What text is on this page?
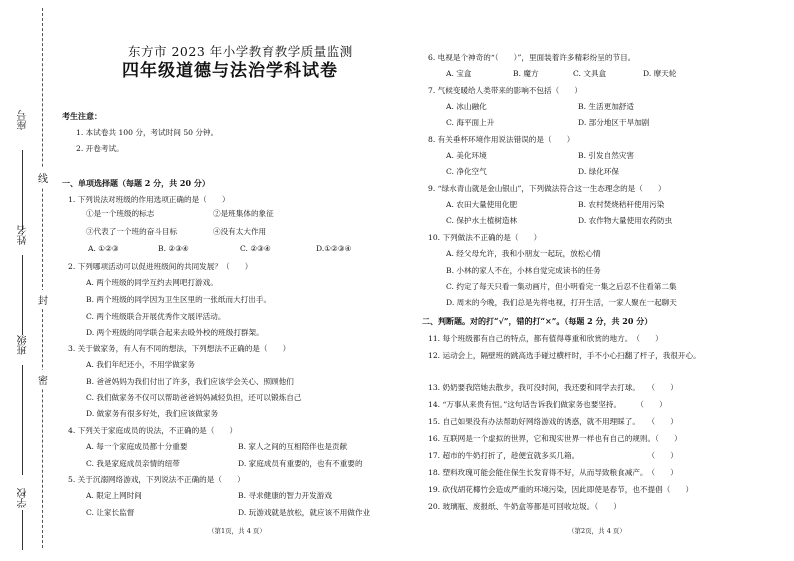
座号
姓名
班级
学校
线
封
密
东方市 2023 年小学教育教学质量监测
四年级道德与法治学科试卷
考生注意：
1. 本试卷共 100 分，考试时间 50 分钟。
2. 开卷考试。
一、单项选择题（每题 2 分，共 20 分）
1. 下列说法对班级的作用选项正确的是（　　）
①是一个班级的标志	②是班集体的象征
③代表了一个班的奋斗目标	④没有太大作用
A. ①②③	B. ②③④	C. ②③④	D.①②③④
2. 下列哪项活动可以促进班级间的共同发展？（　　）
A. 两个班级的同学互约去网吧打游戏。
B. 两个班级的同学因为卫生区里的一张纸而大打出手。
C. 两个班级联合开展优秀作文展评活动。
D. 两个班级的同学联合起来去殴外校的班级打群架。
3. 关于做家务，有人有不同的想法，下列想法不正确的是（　　）
A. 我们年纪还小，不用学做家务
B. 爸爸妈妈为我们付出了许多，我们应该学会关心、照顾他们
C. 我们做家务不仅可以帮助爸爸妈妈减轻负担，还可以锻炼自己
D. 做家务有很多好处，我们应该做家务
4. 下列关于家庭成员的说法，不正确的是（　　）
A. 每一个家庭成员都十分重要	B. 家人之间的互相陪伴也是贡献
C. 我是家庭成员亲情的纽带	D. 家庭成员有重要的，也有不重要的
5. 关于沉溺网络游戏，下列说法不正确的是（　　）
A. 限定上网时间	B. 寻求健康的智力开发游戏
C. 让家长监督	D. 玩游戏就是放松，就应该不用做作业
（第1页，共 4 页）
6. 电视是个神奇的“（　　）”，里面装着许多精彩纷呈的节目。
A. 宝盒	B. 魔方	C. 文具盒	D. 摩天轮
7. 气候变暖给人类带来的影响不包括（　　）
A. 冰山融化	B. 生活更加舒适
C. 海平面上升	D. 部分地区干旱加剧
8. 有关垂杯环境作用说法错误的是（　　）
A. 美化环境	B. 引发自然灾害
C. 净化空气	D. 绿化环保
9. “绿水青山就是金山银山”，下列做法符合这一生态理念的是（　　）
A. 农田大量使用化肥	B. 农村焚烧秸秆使用污染
C. 保护水土植树造林	D. 农作物大量使用农药防虫
10. 下列做法不正确的是（　　）
A. 经父母允许，我和小朋友一起玩，放松心情
B. 小林的家人不在，小林自觉完成读书的任务
C. 约定了每天只看一集动画片，但小明看完一集之后忍不住看第二集
D. 周末的今晚，我们总是先将电视，打开生活，一家人聚在一起聊天
二、判断题。对的打“√”，错的打“×”。（每题 2 分，共 20 分）
11. 每个班级都有自己的特点，都有值得尊重和欣赏的地方。　（　　）
12. 运动会上，隔壁班的跳高选手碰过横杆时，手不小心扫翻了杆子，我很开心。
13. 奶奶要我陪她去散步，我可没时间，我还要和同学去打球。　　（　　）
14. “万事从来贵有恒。”这句话告诉我们做家务也要坚持。　　　（　　）
15. 自己如果没有办法帮助好网络游戏的诱惑，就不用理睬了。　　（　　）
16. 互联网是一个虚拟的世界，它和现实世界一样也有自己的规则。（　　）
17. 超市的牛奶打折了，趁便宜就多买几箱。　　　　　　　　　　（　　）
18. 塑料玫瑰可能会能住保生长发育得不好，从而导致粮食减产。　（　　）
19. 砍伐胡花椰竹会造成严重的环境污染，因此即使是春节，也不提倡（　　）
20. 玻璃瓶、废报纸、牛奶盒等都是可回收垃圾。（　　）
（第2页，共 4 页）
